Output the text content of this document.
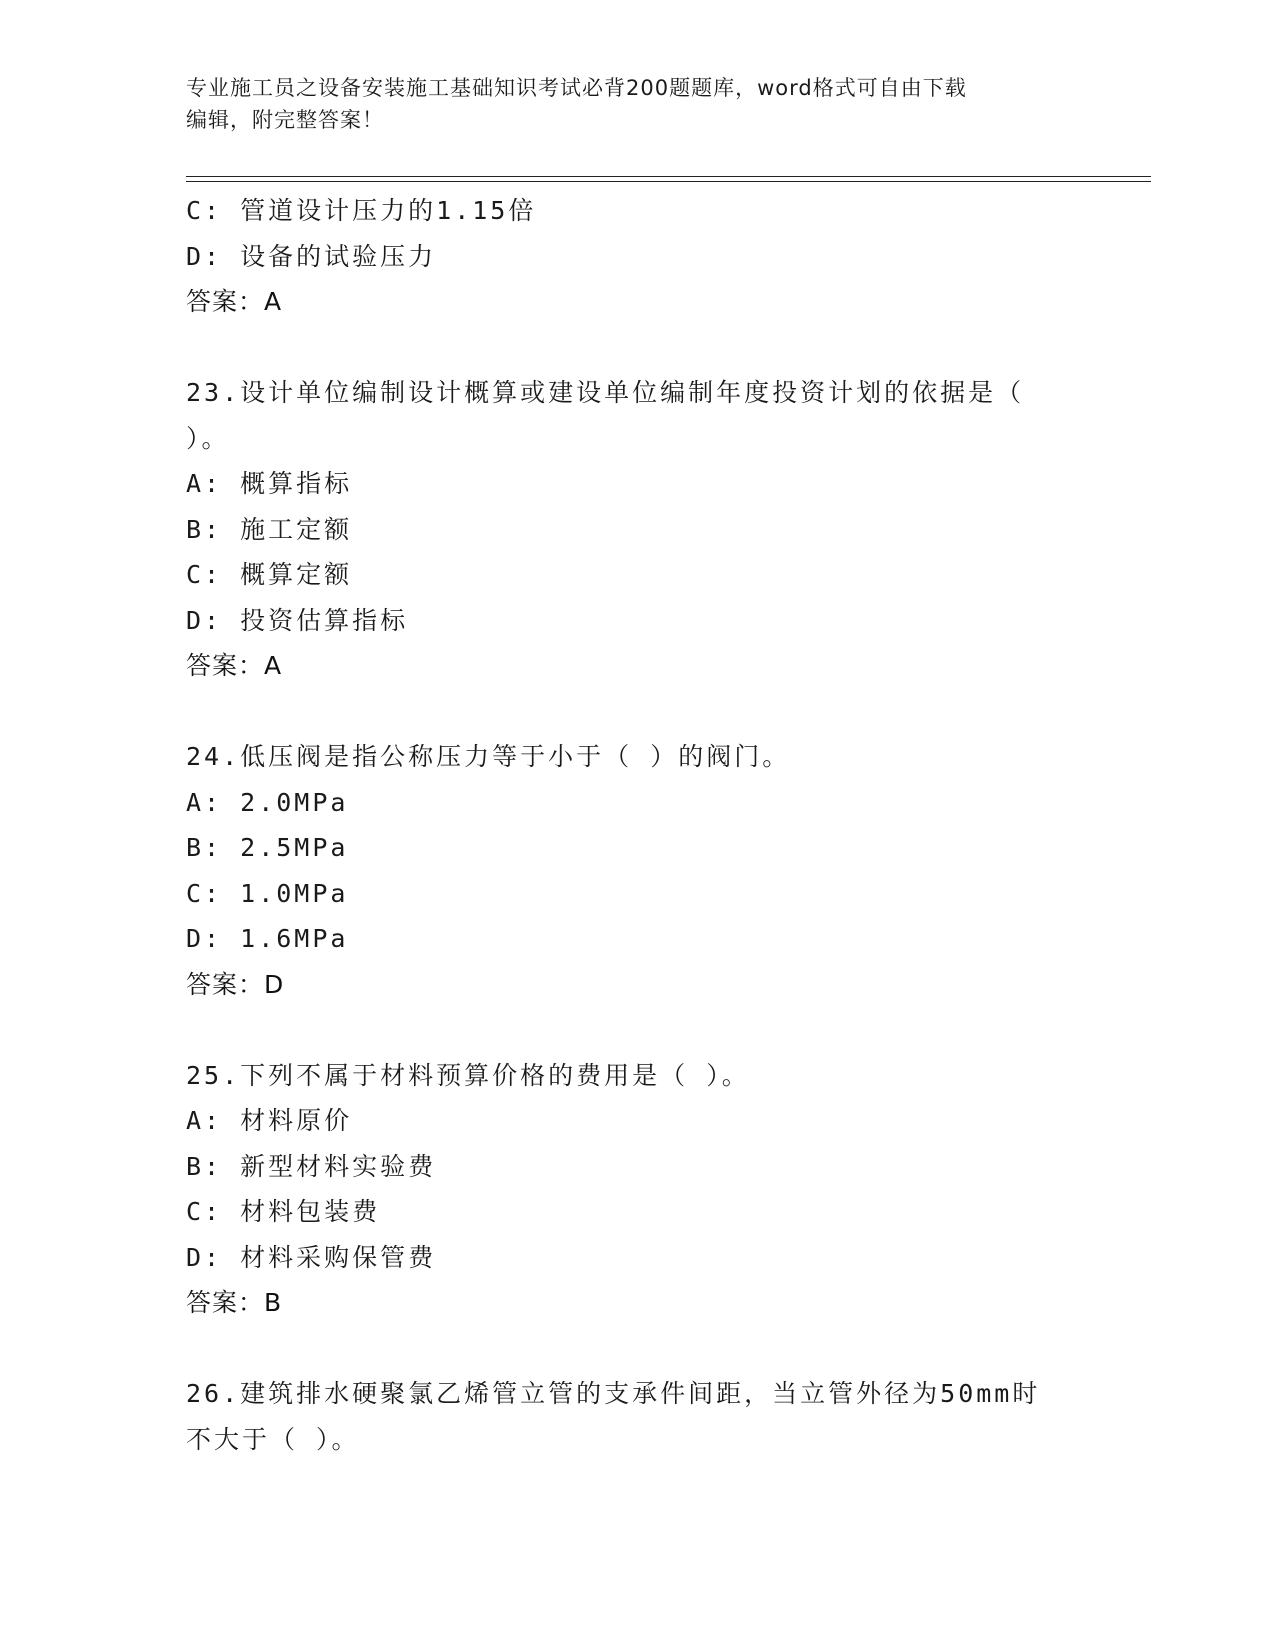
专业施工员之设备安装施工基础知识考试必背200题题库，word格式可自由下载
编辑，附完整答案！
C: 管道设计压力的1.15倍
D: 设备的试验压力
答案：A
23.设计单位编制设计概算或建设单位编制年度投资计划的依据是（
）。
A: 概算指标
B: 施工定额
C: 概算定额
D: 投资估算指标
答案：A
24.低压阀是指公称压力等于小于（ ）的阀门。
A: 2.0MPa
B: 2.5MPa
C: 1.0MPa
D: 1.6MPa
答案：D
25.下列不属于材料预算价格的费用是（ ）。
A: 材料原价
B: 新型材料实验费
C: 材料包装费
D: 材料采购保管费
答案：B
26.建筑排水硬聚氯乙烯管立管的支承件间距，当立管外径为50mm时
不大于（ ）。
